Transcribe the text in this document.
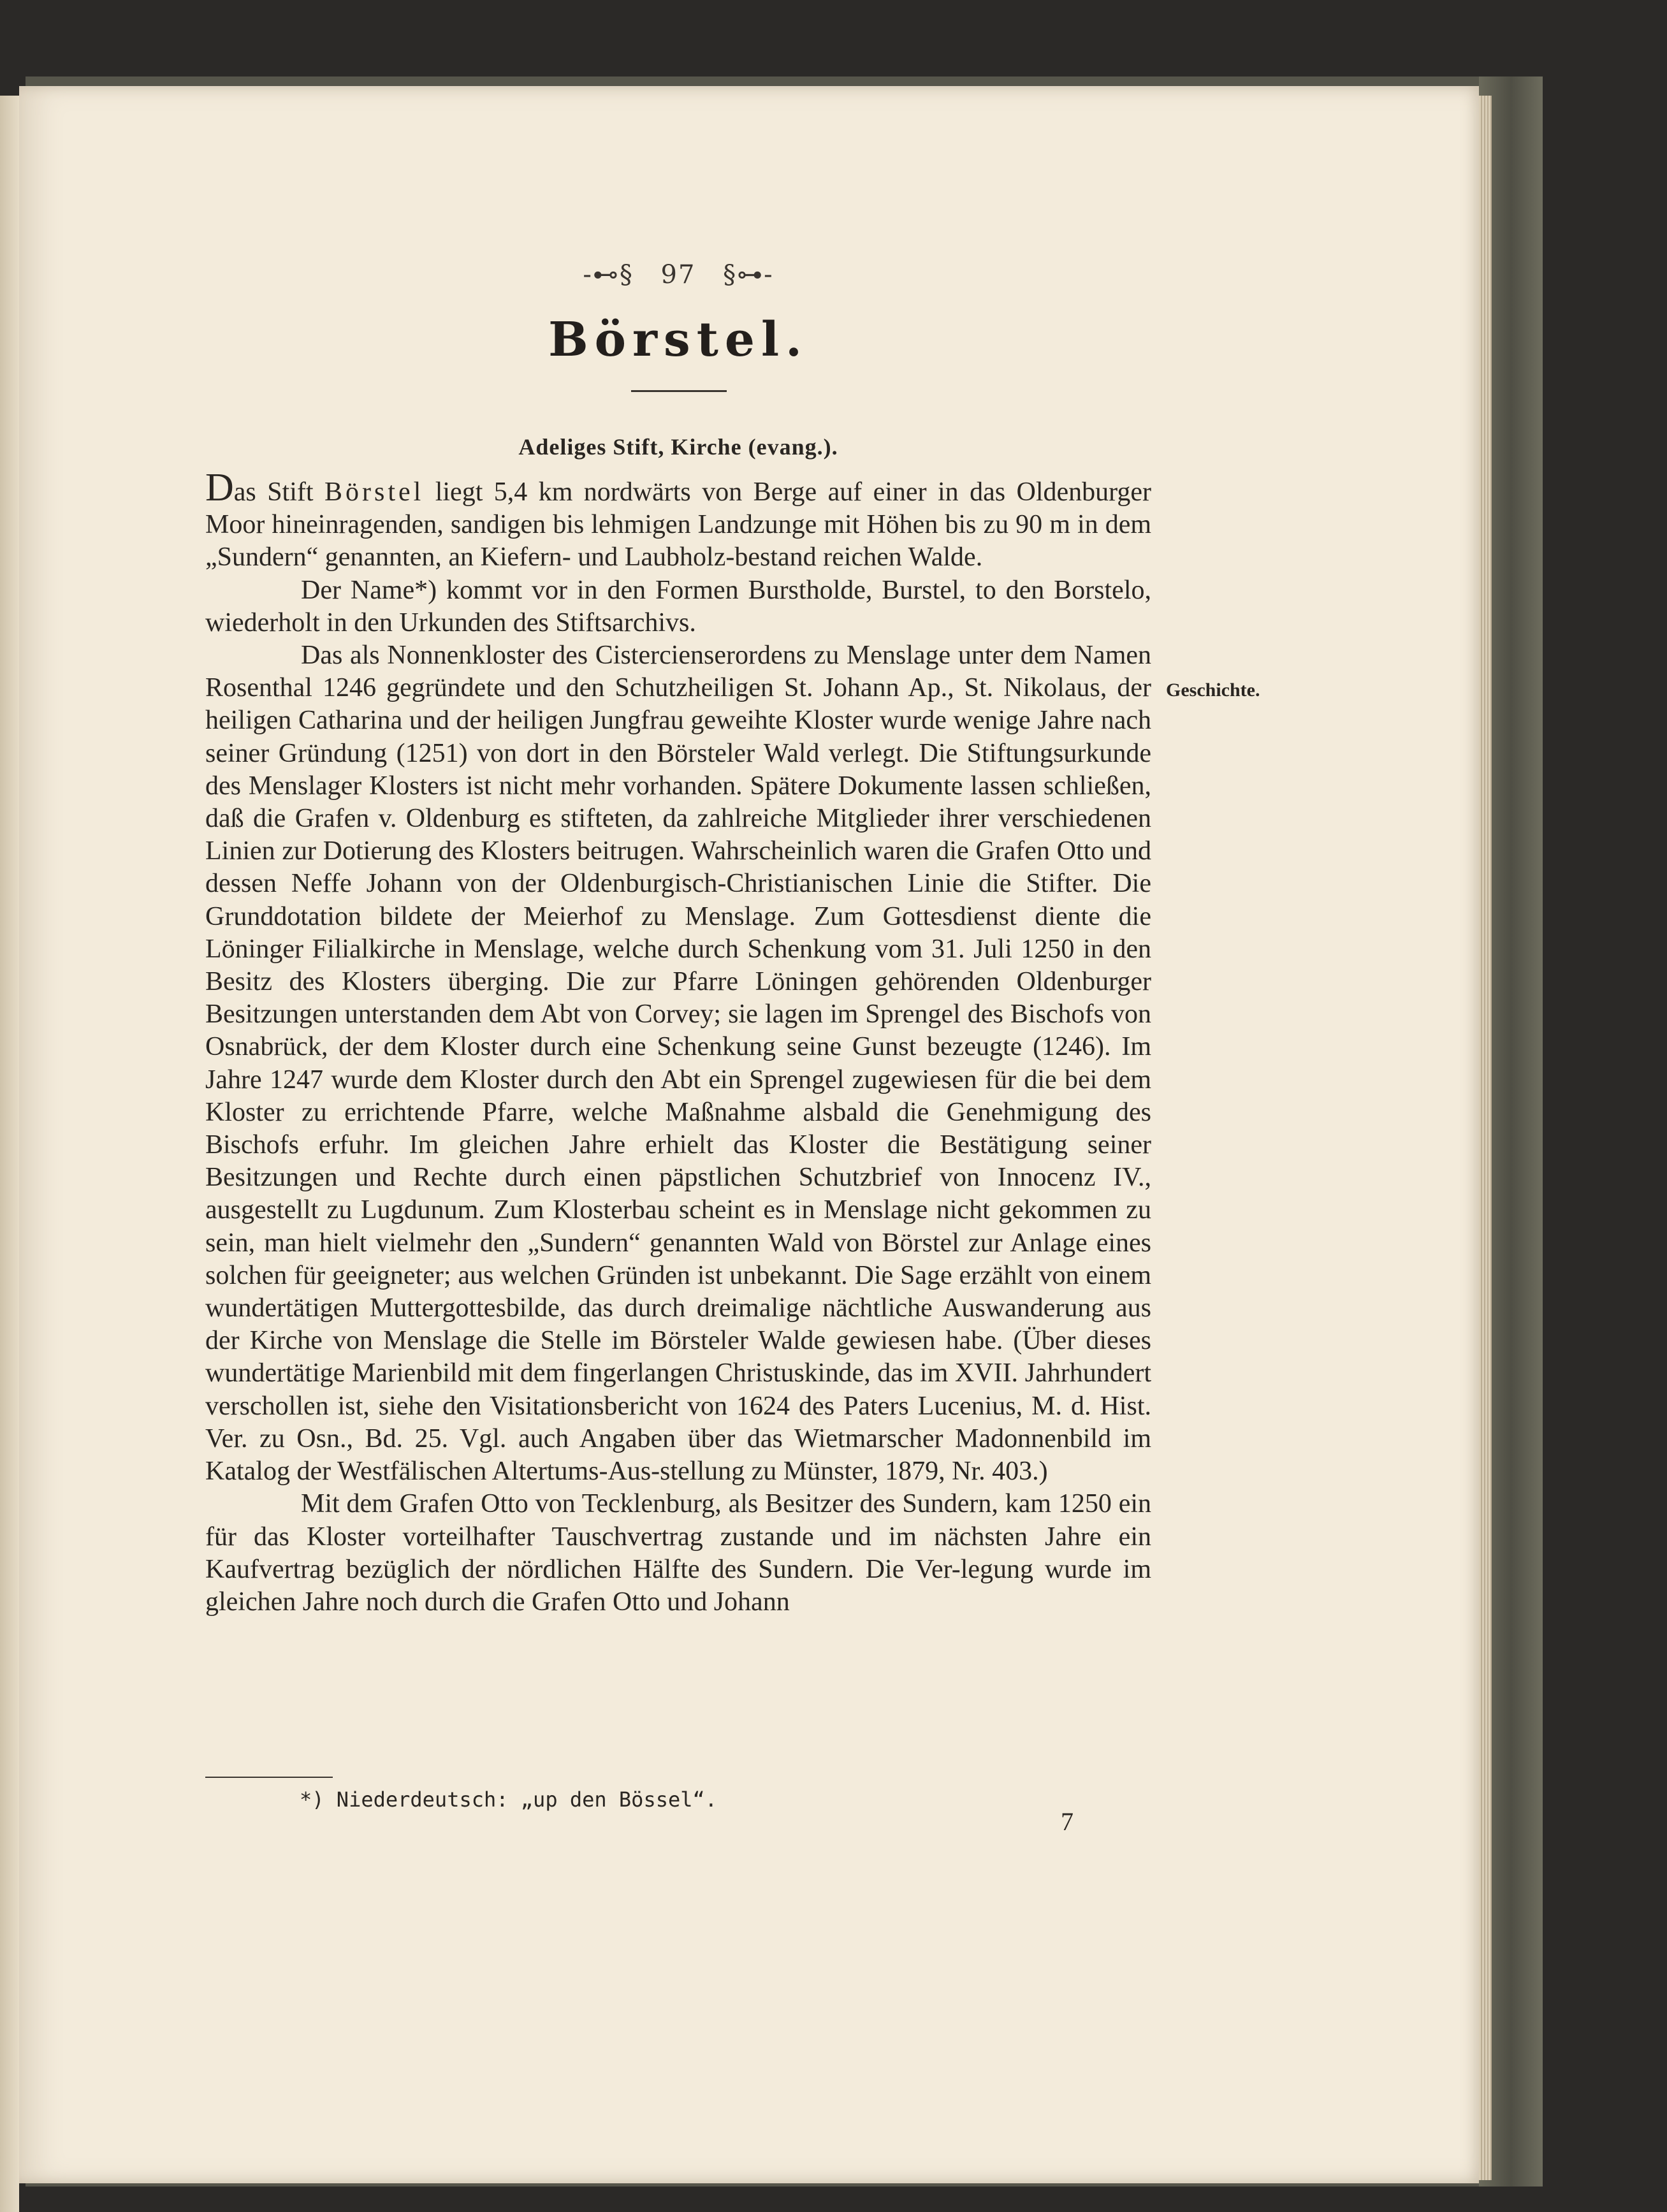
-⊷§ 97 §⊶-
Börstel.
Adeliges Stift, Kirche (evang.).

Das Stift Börstel liegt 5,4 km nordwärts von Berge auf einer in das Oldenburger Moor hineinragenden, sandigen bis lehmigen Landzunge mit Höhen bis zu 90 m in dem „Sundern“ genannten, an Kiefern- und Laubholz-bestand reichen Walde.

Der Name*) kommt vor in den Formen Burstholde, Burstel, to den Borstelo, wiederholt in den Urkunden des Stiftsarchivs.

Das als Nonnenkloster des Cistercienserordens zu Menslage unter dem Namen Rosenthal 1246 gegründete und den Schutzheiligen St. Johann Ap., St. Nikolaus, der heiligen Catharina und der heiligen Jungfrau geweihte Kloster wurde wenige Jahre nach seiner Gründung (1251) von dort in den Börsteler Wald verlegt. Die Stiftungsurkunde des Menslager Klosters ist nicht mehr vorhanden. Spätere Dokumente lassen schließen, daß die Grafen v. Oldenburg es stifteten, da zahlreiche Mitglieder ihrer verschiedenen Linien zur Dotierung des Klosters beitrugen. Wahrscheinlich waren die Grafen Otto und dessen Neffe Johann von der Oldenburgisch-Christianischen Linie die Stifter. Die Grunddotation bildete der Meierhof zu Menslage. Zum Gottesdienst diente die Löninger Filialkirche in Menslage, welche durch Schenkung vom 31. Juli 1250 in den Besitz des Klosters überging. Die zur Pfarre Löningen gehörenden Oldenburger Besitzungen unterstanden dem Abt von Corvey; sie lagen im Sprengel des Bischofs von Osnabrück, der dem Kloster durch eine Schenkung seine Gunst bezeugte (1246). Im Jahre 1247 wurde dem Kloster durch den Abt ein Sprengel zugewiesen für die bei dem Kloster zu errichtende Pfarre, welche Maßnahme alsbald die Genehmigung des Bischofs erfuhr. Im gleichen Jahre erhielt das Kloster die Bestätigung seiner Besitzungen und Rechte durch einen päpstlichen Schutzbrief von Innocenz IV., ausgestellt zu Lugdunum. Zum Klosterbau scheint es in Menslage nicht gekommen zu sein, man hielt vielmehr den „Sundern“ genannten Wald von Börstel zur Anlage eines solchen für geeigneter; aus welchen Gründen ist unbekannt. Die Sage erzählt von einem wundertätigen Muttergottesbilde, das durch dreimalige nächtliche Auswanderung aus der Kirche von Menslage die Stelle im Börsteler Walde gewiesen habe. (Über dieses wundertätige Marienbild mit dem fingerlangen Christuskinde, das im XVII. Jahrhundert verschollen ist, siehe den Visitationsbericht von 1624 des Paters Lucenius, M. d. Hist. Ver. zu Osn., Bd. 25. Vgl. auch Angaben über das Wietmarscher Madonnenbild im Katalog der Westfälischen Altertums-Aus-stellung zu Münster, 1879, Nr. 403.)

Mit dem Grafen Otto von Tecklenburg, als Besitzer des Sundern, kam 1250 ein für das Kloster vorteilhafter Tauschvertrag zustande und im nächsten Jahre ein Kaufvertrag bezüglich der nördlichen Hälfte des Sundern. Die Ver-legung wurde im gleichen Jahre noch durch die Grafen Otto und Johann

Geschichte.
*) Niederdeutsch: „up den Bössel“.
7
